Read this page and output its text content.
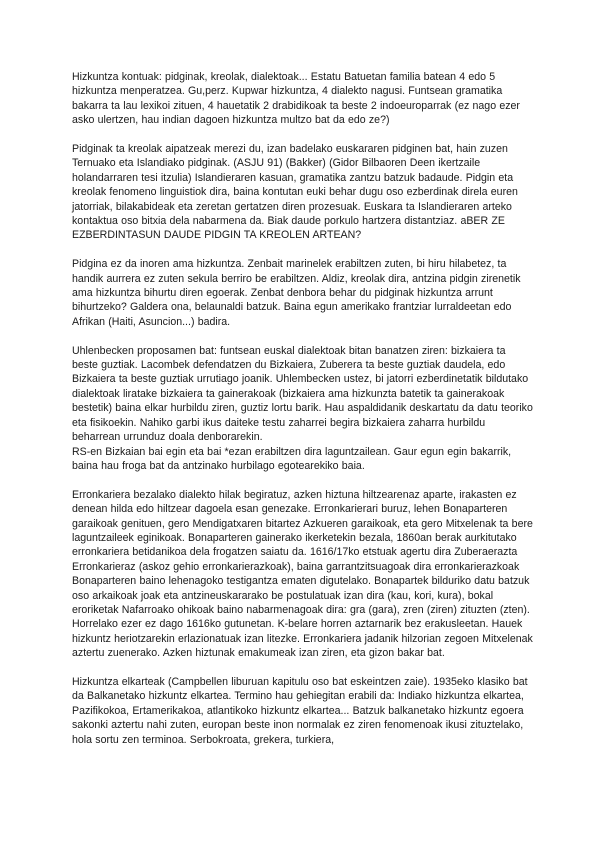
Hizkuntza kontuak: pidginak, kreolak, dialektoak... Estatu Batuetan familia batean 4 edo 5 hizkuntza menperatzea. Gu,perz. Kupwar hizkuntza, 4 dialekto nagusi. Funtsean gramatika bakarra ta lau lexikoi zituen, 4 hauetatik 2 drabidikoak ta beste 2 indoeuroparrak (ez nago ezer asko ulertzen, hau indian dagoen hizkuntza multzo bat da edo ze?)

Pidginak ta kreolak aipatzeak merezi du, izan badelako euskararen pidginen bat, hain zuzen Ternuako eta Islandiako pidginak. (ASJU 91) (Bakker) (Gidor Bilbaoren Deen ikertzaile holandarraren tesi itzulia) Islandieraren kasuan, gramatika zantzu batzuk badaude. Pidgin eta kreolak fenomeno linguistiok dira, baina kontutan euki behar dugu oso ezberdinak direla euren jatorriak, bilakabideak eta zeretan gertatzen diren prozesuak. Euskara ta Islandieraren arteko kontaktua oso bitxia dela nabarmena da. Biak daude porkulo hartzera distantziaz. aBER ZE EZBERDINTASUN DAUDE PIDGIN TA KREOLEN ARTEAN?

Pidgina ez da inoren ama hizkuntza. Zenbait marinelek erabiltzen zuten, bi hiru hilabetez, ta handik aurrera ez zuten sekula berriro be erabiltzen. Aldiz, kreolak dira, antzina pidgin zirenetik ama hizkuntza bihurtu diren egoerak. Zenbat denbora behar du pidginak hizkuntza arrunt bihurtzeko? Galdera ona, belaunaldi batzuk. Baina egun amerikako frantziar lurraldeetan edo Afrikan (Haiti, Asuncion...) badira.

Uhlenbecken proposamen bat: funtsean euskal dialektoak bitan banatzen ziren: bizkaiera ta beste guztiak. Lacombek defendatzen du Bizkaiera, Zuberera ta beste guztiak daudela, edo Bizkaiera ta beste guztiak urrutiago joanik. Uhlembecken ustez, bi jatorri ezberdinetatik bildutako dialektoak liratake bizkaiera ta gainerakoak (bizkaiera ama hizkunzta batetik ta gainerakoak bestetik) baina elkar hurbildu ziren, guztiz lortu barik. Hau aspaldidanik deskartatu da datu teoriko eta fisikoekin. Nahiko garbi ikus daiteke testu zaharrei begira bizkaiera zaharra hurbildu beharrean urrunduz doala denborarekin.

RS-en Bizkaian bai egin eta bai *ezan erabiltzen dira laguntzailean. Gaur egun egin bakarrik, baina hau froga bat da antzinako hurbilago egotearekiko baia.

Erronkariera bezalako dialekto hilak begiratuz, azken hiztuna hiltzearenaz aparte, irakasten ez denean hilda edo hiltzear dagoela esan genezake. Erronkarierari buruz, lehen Bonaparteren garaikoak genituen, gero Mendigatxaren bitartez Azkueren garaikoak, eta gero Mitxelenak ta bere laguntzaileek eginikoak. Bonaparteren gainerako ikerketekin bezala, 1860an berak aurkitutako erronkariera betidanikoa dela frogatzen saiatu da. 1616/17ko etstuak agertu dira Zuberaerazta Erronkarieraz (askoz gehio erronkarierazkoak), baina garrantzitsuagoak dira erronkarierazkoak Bonaparteren baino lehenagoko testigantza ematen digutelako. Bonapartek bilduriko datu batzuk oso arkaikoak joak eta antzineuskararako be postulatuak izan dira (kau, kori, kura), bokal eroriketak Nafarroako ohikoak baino nabarmenagoak dira: gra (gara), zren (ziren) zituzten (zten). Horrelako ezer ez dago 1616ko gutunetan. K-belare horren aztarnarik bez erakusleetan. Hauek hizkuntz heriotzarekin erlazionatuak izan litezke. Erronkariera jadanik hilzorian zegoen Mitxelenak aztertu zuenerako. Azken hiztunak emakumeak izan ziren, eta gizon bakar bat.

Hizkuntza elkarteak (Campbellen liburuan kapitulu oso bat eskeintzen zaie). 1935eko klasiko bat da Balkanetako hizkuntz elkartea. Termino hau gehiegitan erabili da: Indiako hizkuntza elkartea, Pazifikokoa, Ertamerikakoa, atlantikoko hizkuntz elkartea... Batzuk balkanetako hizkuntz egoera sakonki aztertu nahi zuten, europan beste inon normalak ez ziren fenomenoak ikusi zituztelako, hola sortu zen terminoa. Serbokroata, grekera, turkiera,
